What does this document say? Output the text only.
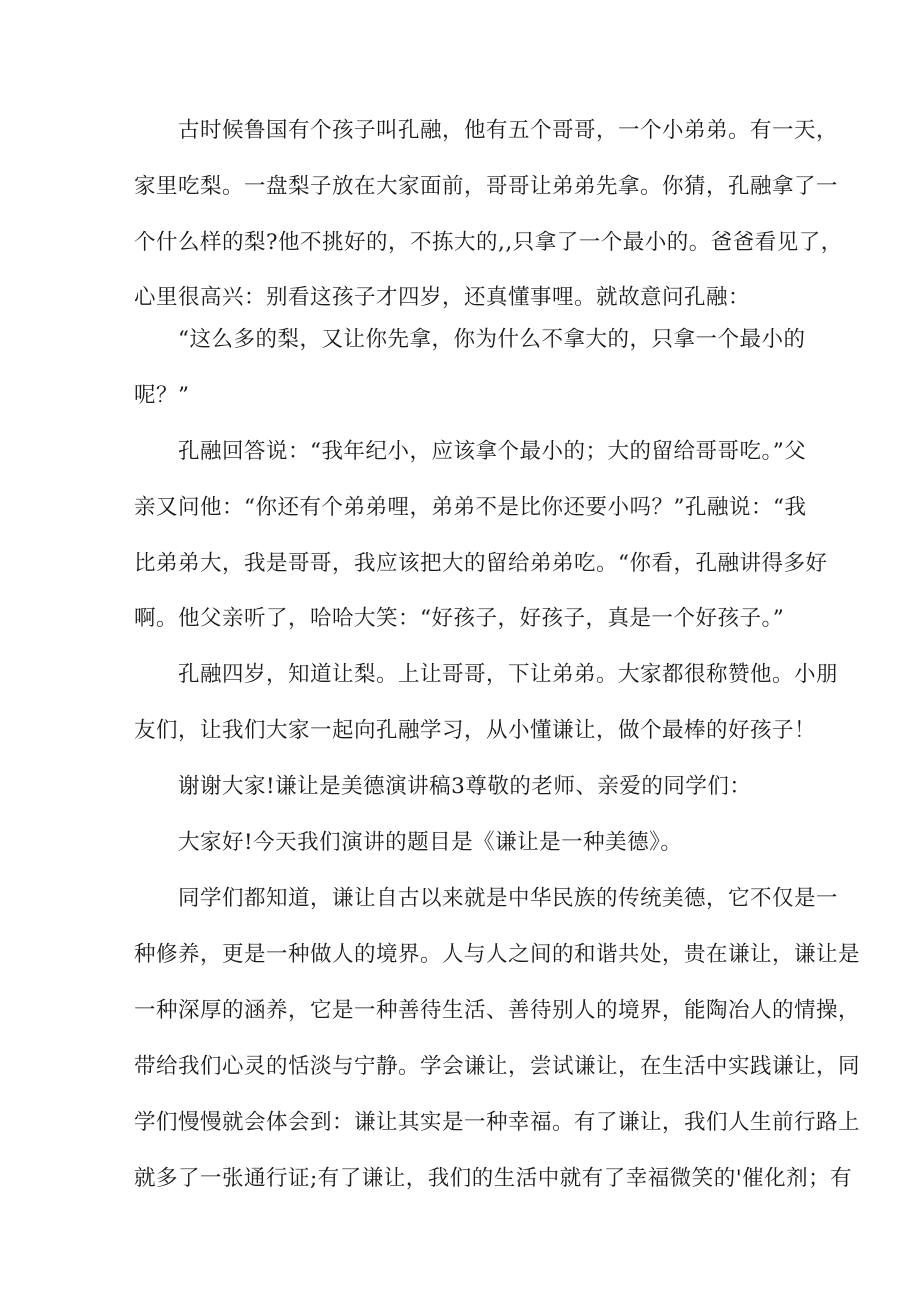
古时候鲁国有个孩子叫孔融，他有五个哥哥，一个小弟弟。有一天，
家里吃梨。一盘梨子放在大家面前，哥哥让弟弟先拿。你猜，孔融拿了一
个什么样的梨?他不挑好的，不拣大的,,只拿了一个最小的。爸爸看见了，
心里很高兴：别看这孩子才四岁，还真懂事哩。就故意问孔融：
“这么多的梨，又让你先拿，你为什么不拿大的，只拿一个最小的
呢？”
孔融回答说：“我年纪小，应该拿个最小的；大的留给哥哥吃。”父
亲又问他：“你还有个弟弟哩，弟弟不是比你还要小吗？”孔融说：“我
比弟弟大，我是哥哥，我应该把大的留给弟弟吃。“你看，孔融讲得多好
啊。他父亲听了，哈哈大笑：“好孩子，好孩子，真是一个好孩子。”
孔融四岁，知道让梨。上让哥哥，下让弟弟。大家都很称赞他。小朋
友们，让我们大家一起向孔融学习，从小懂谦让，做个最棒的好孩子！
谢谢大家!谦让是美德演讲稿3尊敬的老师、亲爱的同学们：
大家好!今天我们演讲的题目是《谦让是一种美德》。
同学们都知道，谦让自古以来就是中华民族的传统美德，它不仅是一
种修养，更是一种做人的境界。人与人之间的和谐共处，贵在谦让，谦让是
一种深厚的涵养，它是一种善待生活、善待别人的境界，能陶冶人的情操，
带给我们心灵的恬淡与宁静。学会谦让，尝试谦让，在生活中实践谦让，同
学们慢慢就会体会到：谦让其实是一种幸福。有了谦让，我们人生前行路上
就多了一张通行证;有了谦让，我们的生活中就有了幸福微笑的'催化剂；有
